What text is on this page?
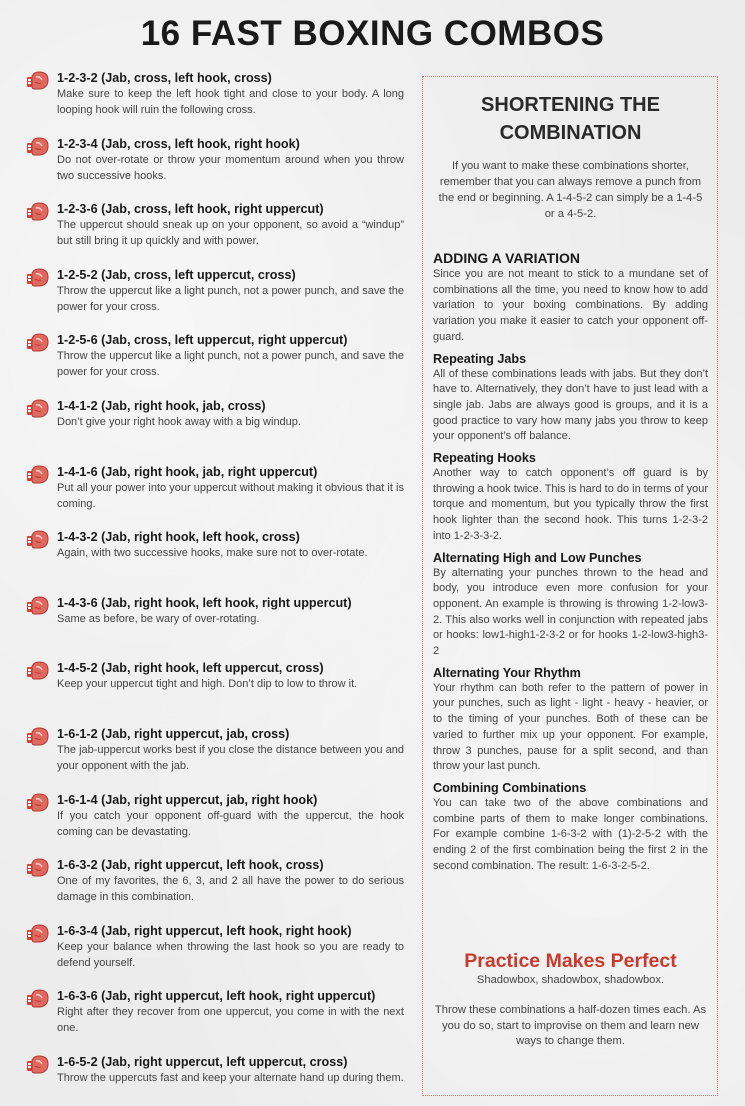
16 FAST BOXING COMBOS
1-2-3-2 (Jab, cross, left hook, cross)
Make sure to keep the left hook tight and close to your body. A long looping hook will ruin the following cross.
1-2-3-4 (Jab, cross, left hook, right hook)
Do not over-rotate or throw your momentum around when you throw two successive hooks.
1-2-3-6 (Jab, cross, left hook, right uppercut)
The uppercut should sneak up on your opponent, so avoid a “windup” but still bring it up quickly and with power.
1-2-5-2 (Jab, cross, left uppercut, cross)
Throw the uppercut like a light punch, not a power punch, and save the power for your cross.
1-2-5-6 (Jab, cross, left uppercut, right uppercut)
Throw the uppercut like a light punch, not a power punch, and save the power for your cross.
1-4-1-2 (Jab, right hook, jab, cross)
Don’t give your right hook away with a big windup.
1-4-1-6 (Jab, right hook, jab, right uppercut)
Put all your power into your uppercut without making it obvious that it is coming.
1-4-3-2 (Jab, right hook, left hook, cross)
Again, with two successive hooks, make sure not to over-rotate.
1-4-3-6 (Jab, right hook, left hook, right uppercut)
Same as before, be wary of over-rotating.
1-4-5-2 (Jab, right hook, left uppercut, cross)
Keep your uppercut tight and high. Don’t dip to low to throw it.
1-6-1-2 (Jab, right uppercut, jab, cross)
The jab-uppercut works best if you close the distance between you and your opponent with the jab.
1-6-1-4 (Jab, right uppercut, jab, right hook)
If you catch your opponent off-guard with the uppercut, the hook coming can be devastating.
1-6-3-2 (Jab, right uppercut, left hook, cross)
One of my favorites, the 6, 3, and 2 all have the power to do serious damage in this combination.
1-6-3-4 (Jab, right uppercut, left hook, right hook)
Keep your balance when throwing the last hook so you are ready to defend yourself.
1-6-3-6 (Jab, right uppercut, left hook, right uppercut)
Right after they recover from one uppercut, you come in with the next one.
1-6-5-2 (Jab, right uppercut, left uppercut, cross)
Throw the uppercuts fast and keep your alternate hand up during them.
SHORTENING THE COMBINATION
If you want to make these combinations shorter, remember that you can always remove a punch from the end or beginning. A 1-4-5-2 can simply be a 1-4-5 or a 4-5-2.
ADDING A VARIATION
Since you are not meant to stick to a mundane set of combinations all the time, you need to know how to add variation to your boxing combinations. By adding variation you make it easier to catch your opponent off-guard.
Repeating Jabs
All of these combinations leads with jabs. But they don’t have to. Alternatively, they don’t have to just lead with a single jab. Jabs are always good is groups, and it is a good practice to vary how many jabs you throw to keep your opponent’s off balance.
Repeating Hooks
Another way to catch opponent’s off guard is by throwing a hook twice. This is hard to do in terms of your torque and momentum, but you typically throw the first hook lighter than the second hook. This turns 1-2-3-2 into 1-2-3-3-2.
Alternating High and Low Punches
By alternating your punches thrown to the head and body, you introduce even more confusion for your opponent. An example is throwing is throwing 1-2-low3-2. This also works well in conjunction with repeated jabs or hooks: low1-high1-2-3-2 or for hooks 1-2-low3-high3-2
Alternating Your Rhythm
Your rhythm can both refer to the pattern of power in your punches, such as light - light - heavy - heavier, or to the timing of your punches. Both of these can be varied to further mix up your opponent. For example, throw 3 punches, pause for a split second, and than throw your last punch.
Combining Combinations
You can take two of the above combinations and combine parts of them to make longer combinations. For example combine 1-6-3-2 with (1)-2-5-2 with the ending 2 of the first combination being the first 2 in the second combination. The result: 1-6-3-2-5-2.
Practice Makes Perfect
Shadowbox, shadowbox, shadowbox.
Throw these combinations a half-dozen times each. As you do so, start to improvise on them and learn new ways to change them.
